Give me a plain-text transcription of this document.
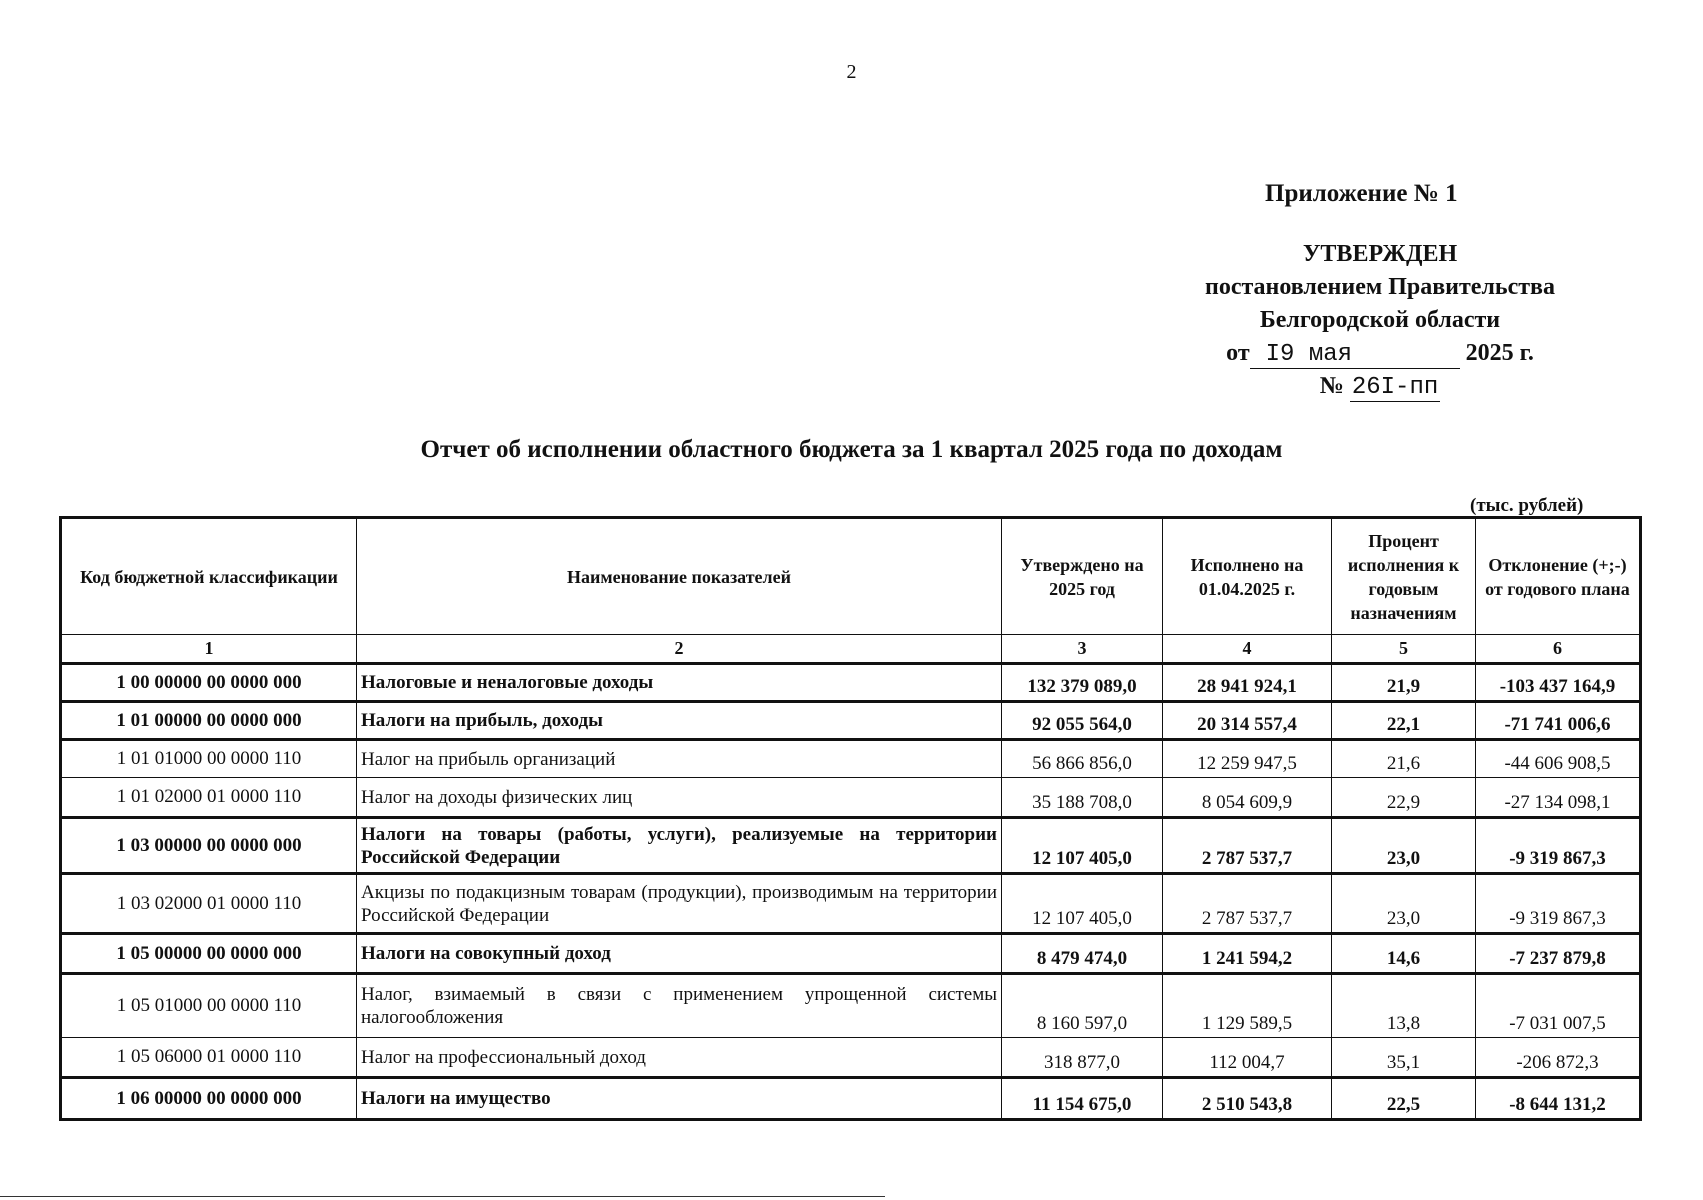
2
Приложение № 1
УТВЕРЖДЕН
постановлением Правительства
Белгородской области
от I9 мая	2025 г.
№ 26I-пп
Отчет об исполнении областного бюджета за 1 квартал 2025 года по доходам
(тыс. рублей)
Код бюджетной классификации	Наименование показателей	Утверждено на 2025 год	Исполнено на 01.04.2025 г.	Процент исполнения к годовым назначениям	Отклонение (+;-) от годового плана
1	2	3	4	5	6
1 00 00000 00 0000 000	Налоговые и неналоговые доходы	132 379 089,0	28 941 924,1	21,9	-103 437 164,9
1 01 00000 00 0000 000	Налоги на прибыль, доходы	92 055 564,0	20 314 557,4	22,1	-71 741 006,6
1 01 01000 00 0000 110	Налог на прибыль организаций	56 866 856,0	12 259 947,5	21,6	-44 606 908,5
1 01 02000 01 0000 110	Налог на доходы физических лиц	35 188 708,0	8 054 609,9	22,9	-27 134 098,1
1 03 00000 00 0000 000	Налоги на товары (работы, услуги), реализуемые на территории Российской Федерации	12 107 405,0	2 787 537,7	23,0	-9 319 867,3
1 03 02000 01 0000 110	Акцизы по подакцизным товарам (продукции), производимым на территории Российской Федерации	12 107 405,0	2 787 537,7	23,0	-9 319 867,3
1 05 00000 00 0000 000	Налоги на совокупный доход	8 479 474,0	1 241 594,2	14,6	-7 237 879,8
1 05 01000 00 0000 110	Налог, взимаемый в связи с применением упрощенной системы налогообложения	8 160 597,0	1 129 589,5	13,8	-7 031 007,5
1 05 06000 01 0000 110	Налог на профессиональный доход	318 877,0	112 004,7	35,1	-206 872,3
1 06 00000 00 0000 000	Налоги на имущество	11 154 675,0	2 510 543,8	22,5	-8 644 131,2
